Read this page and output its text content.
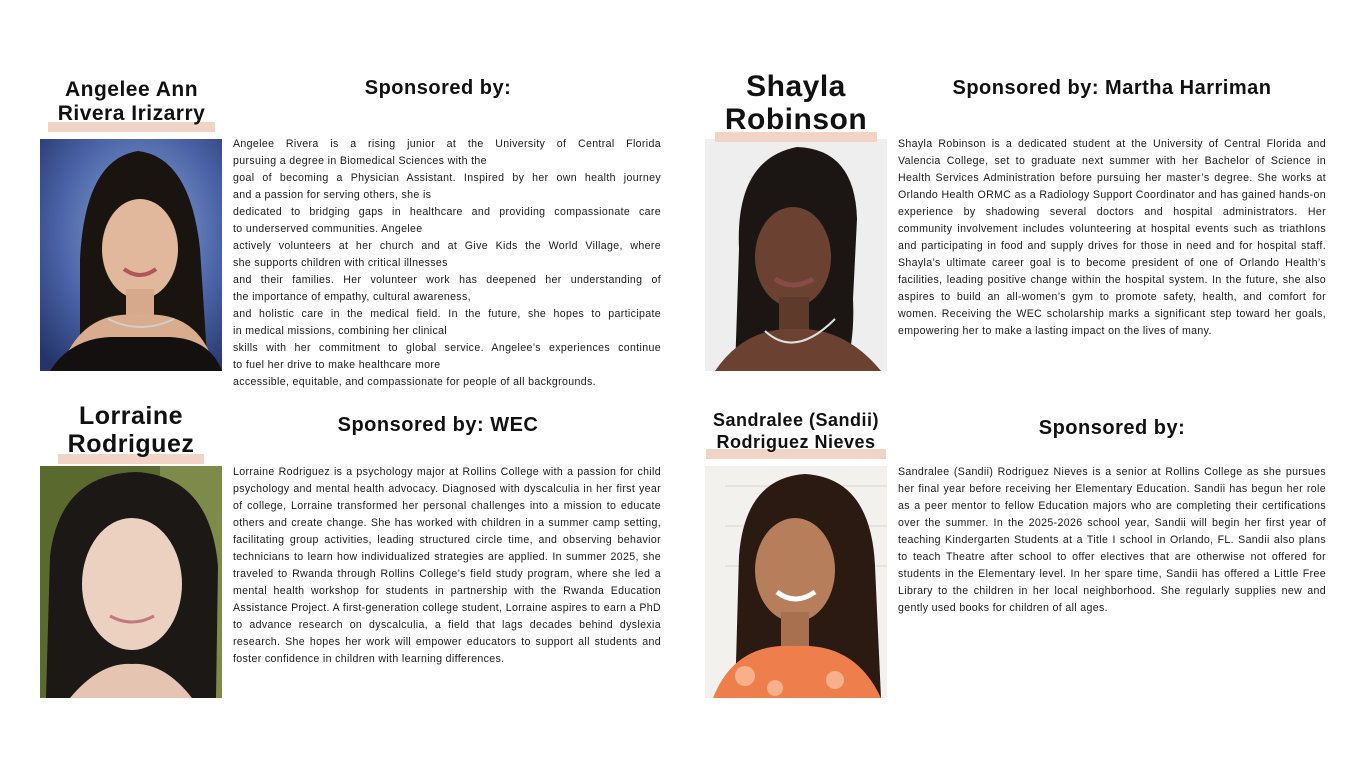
Angelee Ann
Rivera Irizarry
Sponsored by:
Angelee Rivera is a rising junior at the University of Central Florida
pursuing a degree in Biomedical Sciences with the
goal of becoming a Physician Assistant. Inspired by her own health journey
and a passion for serving others, she is
dedicated to bridging gaps in healthcare and providing compassionate care
to underserved communities. Angelee
actively volunteers at her church and at Give Kids the World Village, where
she supports children with critical illnesses
and their families. Her volunteer work has deepened her understanding of
the importance of empathy, cultural awareness,
and holistic care in the medical field. In the future, she hopes to participate
in medical missions, combining her clinical
skills with her commitment to global service. Angelee’s experiences continue
to fuel her drive to make healthcare more
accessible, equitable, and compassionate for people of all backgrounds.
Shayla
Robinson
Sponsored by: Martha Harriman

Shayla Robinson is a dedicated student at the University of Central Florida and Valencia College, set to graduate next summer with her Bachelor of Science in Health Services Administration before pursuing her master’s degree. She works at Orlando Health ORMC as a Radiology Support Coordinator and has gained hands-on experience by shadowing several doctors and hospital administrators. Her community involvement includes volunteering at hospital events such as triathlons and participating in food and supply drives for those in need and for hospital staff. Shayla’s ultimate career goal is to become president of one of Orlando Health’s facilities, leading positive change within the hospital system. In the future, she also aspires to build an all-women’s gym to promote safety, health, and comfort for women. Receiving the WEC scholarship marks a significant step toward her goals, empowering her to make a lasting impact on the lives of many.

Lorraine
Rodriguez
Sponsored by: WEC

Lorraine Rodriguez is a psychology major at Rollins College with a passion for child psychology and mental health advocacy. Diagnosed with dyscalculia in her first year of college, Lorraine transformed her personal challenges into a mission to educate others and create change. She has worked with children in a summer camp setting, facilitating group activities, leading structured circle time, and observing behavior technicians to learn how individualized strategies are applied. In summer 2025, she traveled to Rwanda through Rollins College’s field study program, where she led a mental health workshop for students in partnership with the Rwanda Education Assistance Project. A first-generation college student, Lorraine aspires to earn a PhD to advance research on dyscalculia, a field that lags decades behind dyslexia research. She hopes her work will empower educators to support all students and foster confidence in children with learning differences.

Sandralee (Sandii)
Rodriguez Nieves
Sponsored by:

Sandralee (Sandii) Rodriguez Nieves is a senior at Rollins College as she pursues her final year before receiving her Elementary Education. Sandii has begun her role as a peer mentor to fellow Education majors who are completing their certifications over the summer. In the 2025-2026 school year, Sandii will begin her first year of teaching Kindergarten Students at a Title I school in Orlando, FL. Sandii also plans to teach Theatre after school to offer electives that are otherwise not offered for students in the Elementary level. In her spare time, Sandii has offered a Little Free Library to the children in her local neighborhood. She regularly supplies new and gently used books for children of all ages.
